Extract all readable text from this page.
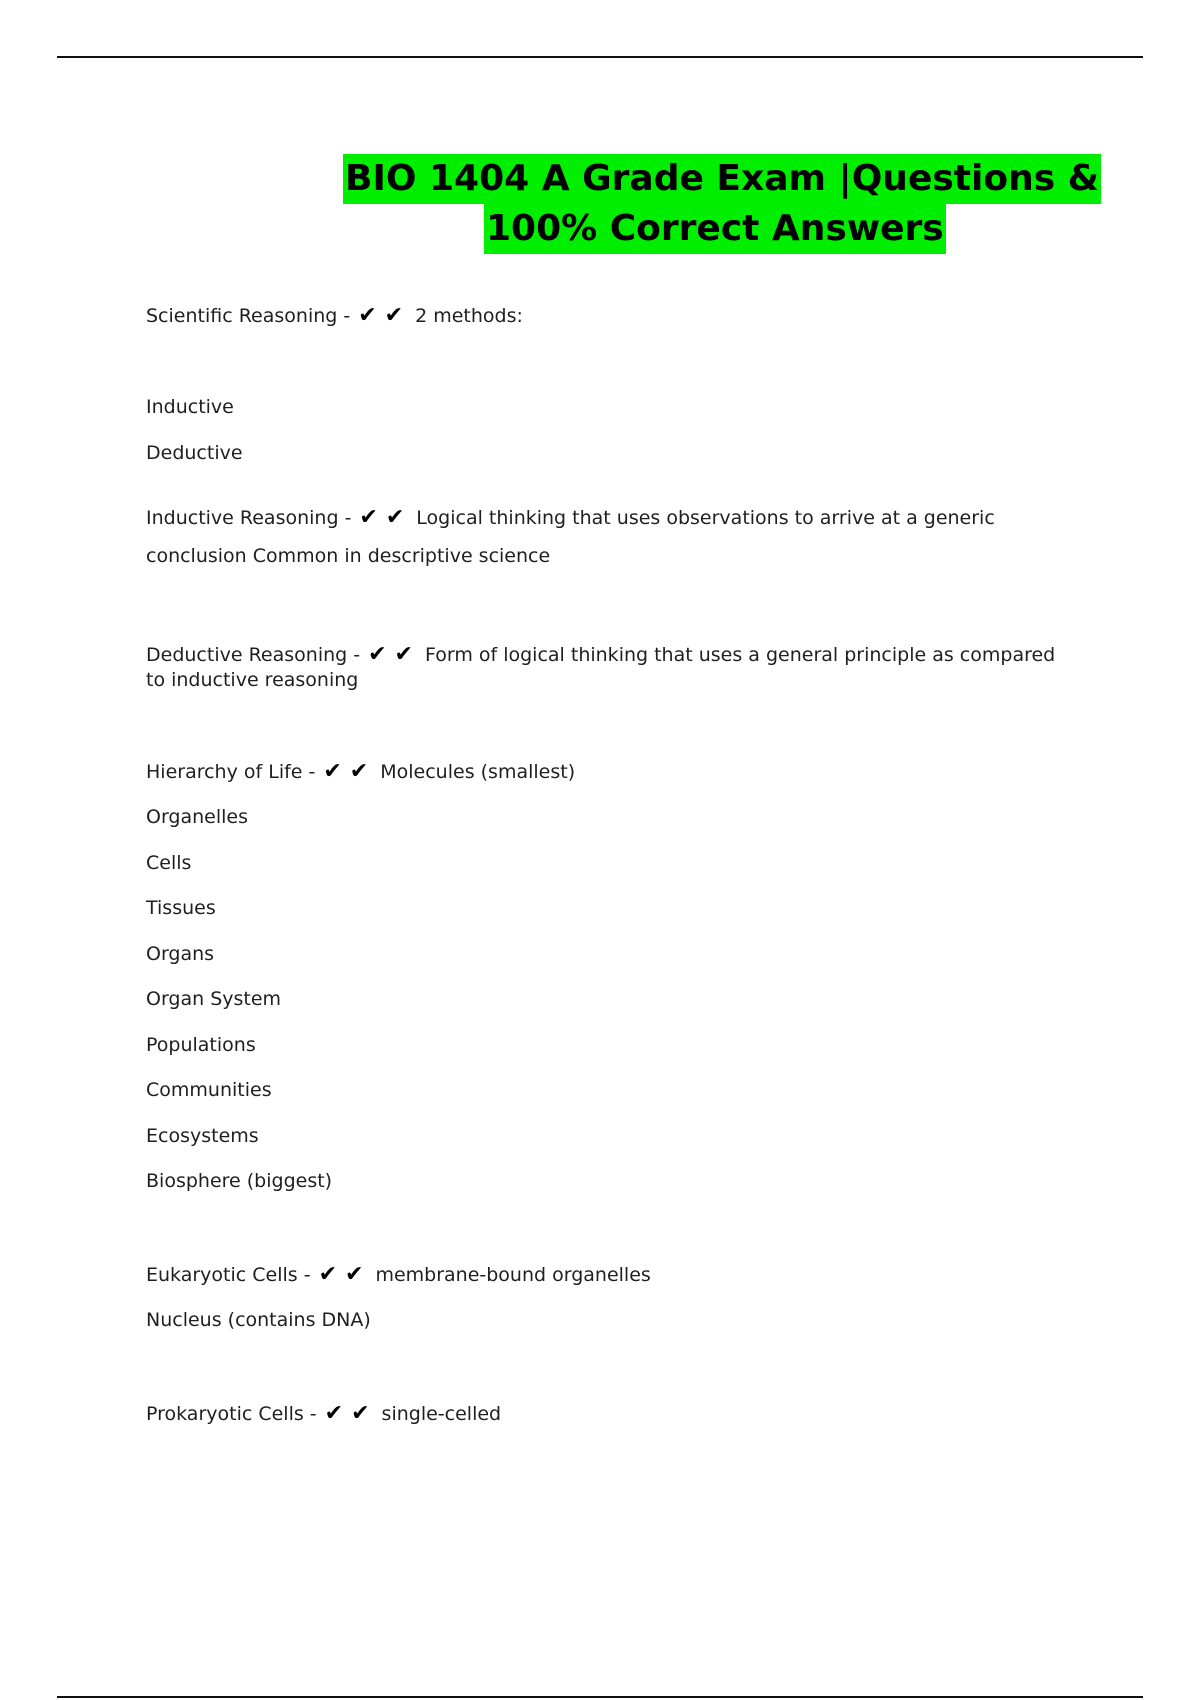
BIO 1404 A Grade Exam |Questions &
100% Correct Answers
Scientific Reasoning - ✔✔ 2 methods:
Inductive
Deductive
Inductive Reasoning - ✔✔ Logical thinking that uses observations to arrive at a generic
conclusion Common in descriptive science
Deductive Reasoning - ✔✔ Form of logical thinking that uses a general principle as compared
to inductive reasoning
Hierarchy of Life - ✔✔ Molecules (smallest)
Organelles
Cells
Tissues
Organs
Organ System
Populations
Communities
Ecosystems
Biosphere (biggest)
Eukaryotic Cells - ✔✔ membrane-bound organelles
Nucleus (contains DNA)
Prokaryotic Cells - ✔✔ single-celled
